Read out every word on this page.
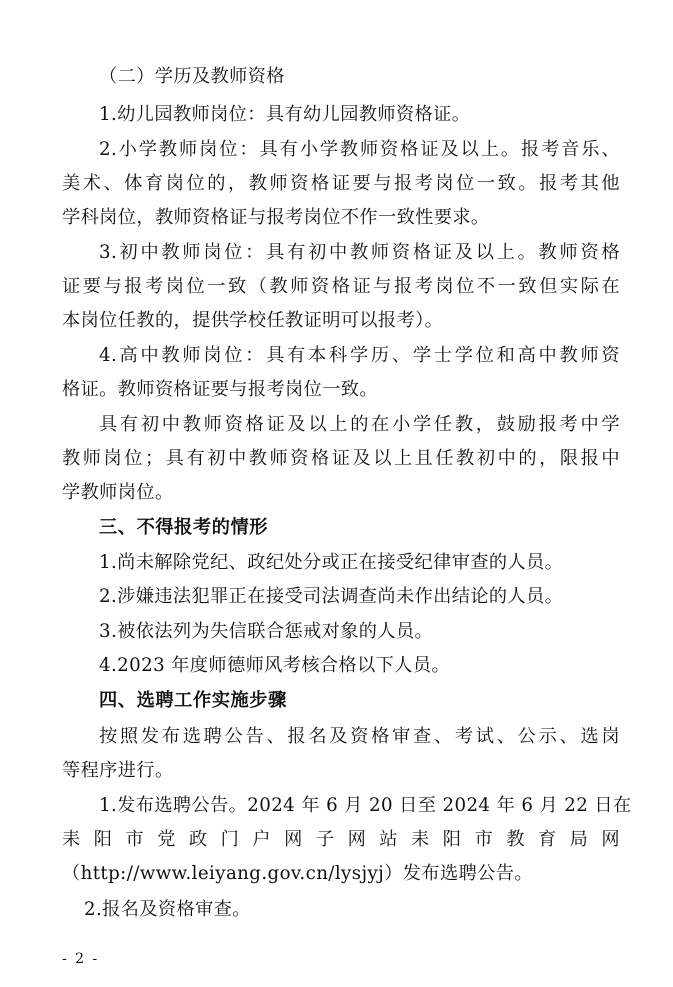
（二）学历及教师资格
1.幼儿园教师岗位：具有幼儿园教师资格证。
2.小学教师岗位：具有小学教师资格证及以上。报考音乐、
美术、体育岗位的，教师资格证要与报考岗位一致。报考其他
学科岗位，教师资格证与报考岗位不作一致性要求。
3.初中教师岗位：具有初中教师资格证及以上。教师资格
证要与报考岗位一致（教师资格证与报考岗位不一致但实际在
本岗位任教的，提供学校任教证明可以报考）。
4.高中教师岗位：具有本科学历、学士学位和高中教师资
格证。教师资格证要与报考岗位一致。
具有初中教师资格证及以上的在小学任教，鼓励报考中学
教师岗位；具有初中教师资格证及以上且任教初中的，限报中
学教师岗位。
三、不得报考的情形
1.尚未解除党纪、政纪处分或正在接受纪律审查的人员。
2.涉嫌违法犯罪正在接受司法调查尚未作出结论的人员。
3.被依法列为失信联合惩戒对象的人员。
4.2023 年度师德师风考核合格以下人员。
四、选聘工作实施步骤
按照发布选聘公告、报名及资格审查、考试、公示、选岗
等程序进行。
1.发布选聘公告。2024 年 6 月 20 日至 2024 年 6 月 22 日在
耒阳市党政门户网子网站耒阳市教育局网
（http://www.leiyang.gov.cn/lysjyj）发布选聘公告。
2.报名及资格审查。
- 2 -
